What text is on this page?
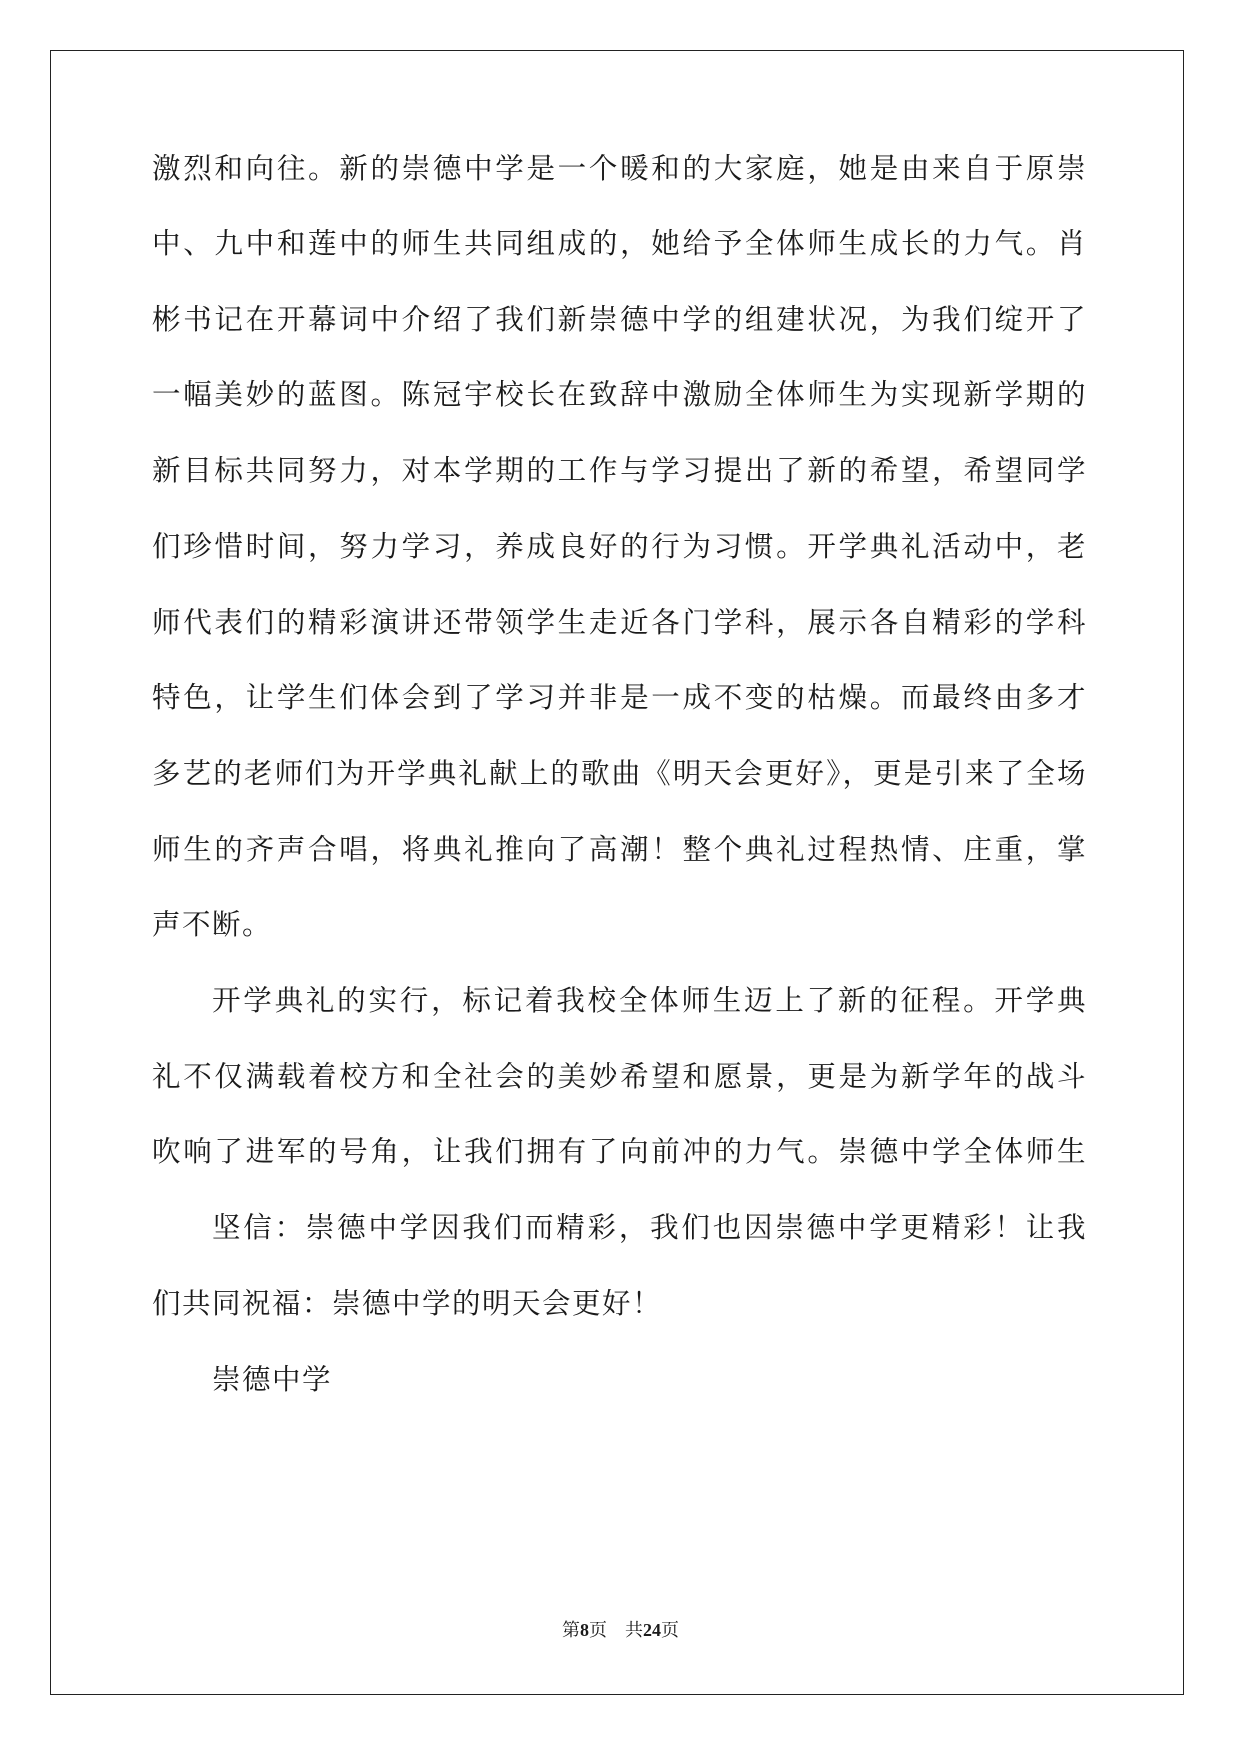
激烈和向往。新的崇德中学是一个暖和的大家庭，她是由来自于原崇
中、九中和莲中的师生共同组成的，她给予全体师生成长的力气。肖
彬书记在开幕词中介绍了我们新崇德中学的组建状况，为我们绽开了
一幅美妙的蓝图。陈冠宇校长在致辞中激励全体师生为实现新学期的
新目标共同努力，对本学期的工作与学习提出了新的希望，希望同学
们珍惜时间，努力学习，养成良好的行为习惯。开学典礼活动中，老
师代表们的精彩演讲还带领学生走近各门学科，展示各自精彩的学科
特色，让学生们体会到了学习并非是一成不变的枯燥。而最终由多才
多艺的老师们为开学典礼献上的歌曲《明天会更好》，更是引来了全场
师生的齐声合唱，将典礼推向了高潮！整个典礼过程热情、庄重，掌
声不断。
开学典礼的实行，标记着我校全体师生迈上了新的征程。开学典
礼不仅满载着校方和全社会的美妙希望和愿景，更是为新学年的战斗
吹响了进军的号角，让我们拥有了向前冲的力气。崇德中学全体师生
坚信：崇德中学因我们而精彩，我们也因崇德中学更精彩！让我
们共同祝福：崇德中学的明天会更好！
崇德中学
第8页 共24页
